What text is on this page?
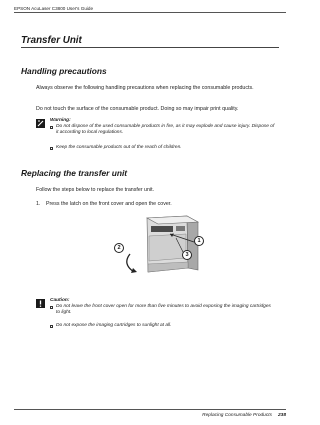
EPSON AcuLaser C3800 User's Guide
Transfer Unit
Handling precautions
Always observe the following handling precautions when replacing the consumable products.
Do not touch the surface of the consumable product. Doing so may impair print quality.
Warning:
Do not dispose of the used consumable products in fire, as it may explode and cause injury. Dispose of it according to local regulations.
Keep the consumable products out of the reach of children.
Replacing the transfer unit
Follow the steps below to replace the transfer unit.
1. Press the latch on the front cover and open the cover.
2
1
3
Caution:
Do not leave the front cover open for more than five minutes to avoid exposing the imaging cartridges to light.
Do not expose the imaging cartridges to sunlight at all.
Replacing Consumable Products 238
